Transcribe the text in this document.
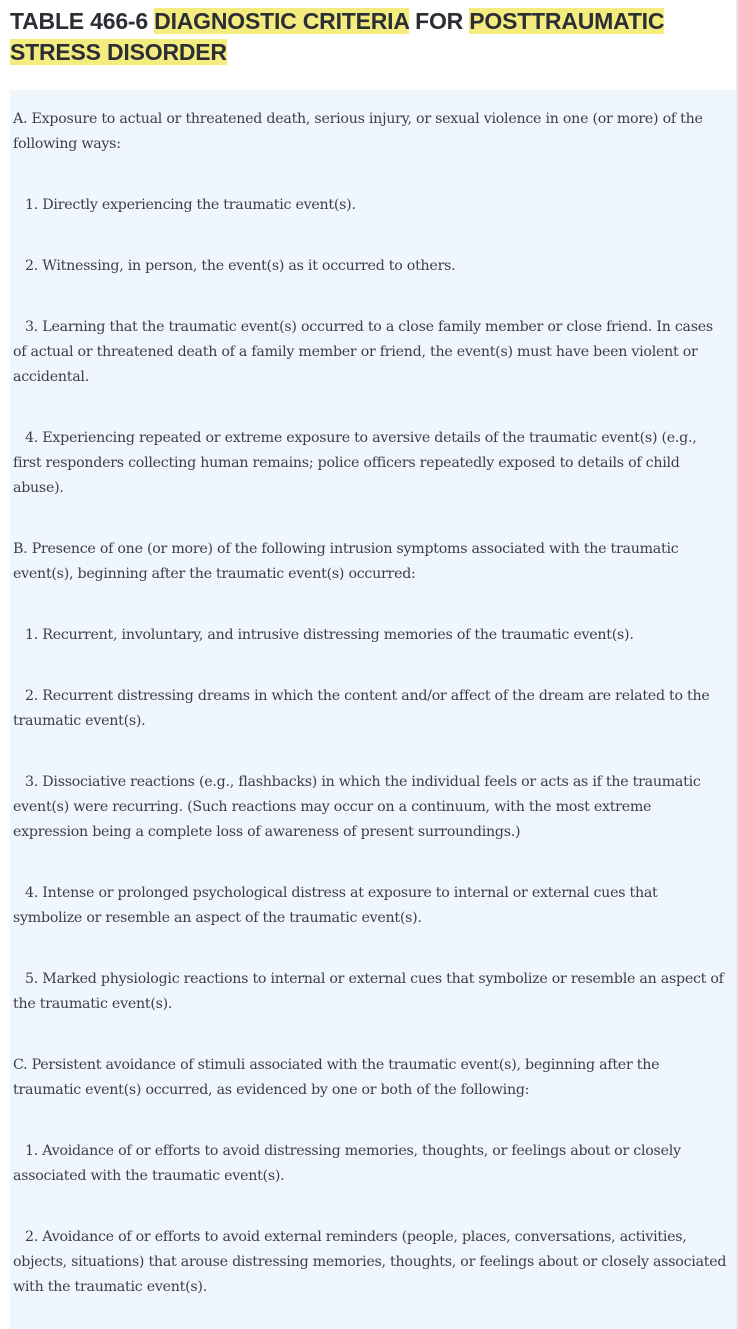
TABLE 466-6 DIAGNOSTIC CRITERIA FOR POSTTRAUMATIC STRESS DISORDER

A. Exposure to actual or threatened death, serious injury, or sexual violence in one (or more) of the following ways:

1. Directly experiencing the traumatic event(s).

2. Witnessing, in person, the event(s) as it occurred to others.

3. Learning that the traumatic event(s) occurred to a close family member or close friend. In cases of actual or threatened death of a family member or friend, the event(s) must have been violent or accidental.

4. Experiencing repeated or extreme exposure to aversive details of the traumatic event(s) (e.g., first responders collecting human remains; police officers repeatedly exposed to details of child abuse).

B. Presence of one (or more) of the following intrusion symptoms associated with the traumatic event(s), beginning after the traumatic event(s) occurred:

1. Recurrent, involuntary, and intrusive distressing memories of the traumatic event(s).

2. Recurrent distressing dreams in which the content and/or affect of the dream are related to the traumatic event(s).

3. Dissociative reactions (e.g., flashbacks) in which the individual feels or acts as if the traumatic event(s) were recurring. (Such reactions may occur on a continuum, with the most extreme expression being a complete loss of awareness of present surroundings.)

4. Intense or prolonged psychological distress at exposure to internal or external cues that symbolize or resemble an aspect of the traumatic event(s).

5. Marked physiologic reactions to internal or external cues that symbolize or resemble an aspect of the traumatic event(s).

C. Persistent avoidance of stimuli associated with the traumatic event(s), beginning after the traumatic event(s) occurred, as evidenced by one or both of the following:

1. Avoidance of or efforts to avoid distressing memories, thoughts, or feelings about or closely associated with the traumatic event(s).

2. Avoidance of or efforts to avoid external reminders (people, places, conversations, activities, objects, situations) that arouse distressing memories, thoughts, or feelings about or closely associated with the traumatic event(s).
